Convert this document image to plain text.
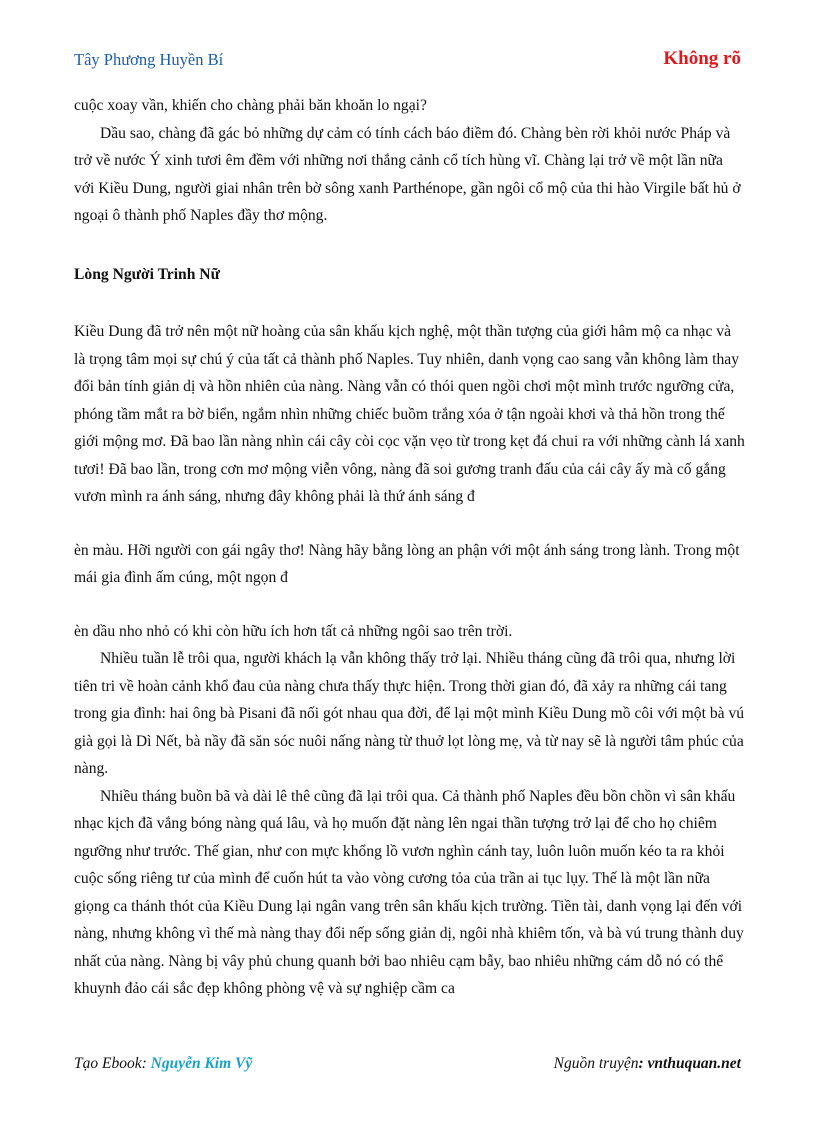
Tây Phương Huyền Bí	Không rõ

cuộc xoay vần, khiến cho chàng phải băn khoăn lo ngại?

Dầu sao, chàng đã gác bỏ những dự cảm có tính cách báo điềm đó. Chàng bèn rời khỏi nước Pháp và trở về nước Ý xinh tươi êm đềm với những nơi thắng cảnh cổ tích hùng vĩ. Chàng lại trở về một lần nữa với Kiều Dung, người giai nhân trên bờ sông xanh Parthénope, gần ngôi cổ mộ của thi hào Virgile bất hủ ở ngoại ô thành phố Naples đầy thơ mộng.

Lòng Người Trinh Nữ

Kiều Dung đã trở nên một nữ hoàng của sân khấu kịch nghệ, một thần tượng của giới hâm mộ ca nhạc và là trọng tâm mọi sự chú ý của tất cả thành phố Naples. Tuy nhiên, danh vọng cao sang vẫn không làm thay đổi bản tính giản dị và hồn nhiên của nàng. Nàng vẫn có thói quen ngồi chơi một mình trước ngưỡng cửa, phóng tầm mắt ra bờ biển, ngắm nhìn những chiếc buồm trắng xóa ở tận ngoài khơi và thả hồn trong thế giới mộng mơ. Đã bao lần nàng nhìn cái cây còi cọc vặn vẹo từ trong kẹt đá chui ra với những cành lá xanh tươi! Đã bao lần, trong cơn mơ mộng viễn vông, nàng đã soi gương tranh đấu của cái cây ấy mà cố gắng vươn mình ra ánh sáng, nhưng đây không phải là thứ ánh sáng đ

èn màu. Hỡi người con gái ngây thơ! Nàng hãy bằng lòng an phận với một ánh sáng trong lành. Trong một mái gia đình ấm cúng, một ngọn đ

èn dầu nho nhỏ có khi còn hữu ích hơn tất cả những ngôi sao trên trời.

Nhiều tuần lễ trôi qua, người khách lạ vẫn không thấy trở lại. Nhiều tháng cũng đã trôi qua, nhưng lời tiên tri về hoàn cảnh khổ đau của nàng chưa thấy thực hiện. Trong thời gian đó, đã xảy ra những cái tang trong gia đình: hai ông bà Pisani đã nối gót nhau qua đời, để lại một mình Kiều Dung mồ côi với một bà vú già gọi là Dì Nết, bà nầy đã săn sóc nuôi nấng nàng từ thuở lọt lòng mẹ, và từ nay sẽ là người tâm phúc của nàng.

Nhiều tháng buồn bã và dài lê thê cũng đã lại trôi qua. Cả thành phố Naples đều bồn chồn vì sân khấu nhạc kịch đã vắng bóng nàng quá lâu, và họ muốn đặt nàng lên ngai thần tượng trở lại để cho họ chiêm ngưỡng như trước. Thế gian, như con mực khổng lồ vươn nghìn cánh tay, luôn luôn muốn kéo ta ra khỏi cuộc sống riêng tư của mình để cuốn hút ta vào vòng cương tỏa của trần ai tục lụy. Thế là một lần nữa giọng ca thánh thót của Kiều Dung lại ngân vang trên sân khấu kịch trường. Tiền tài, danh vọng lại đến với nàng, nhưng không vì thế mà nàng thay đổi nếp sống giản dị, ngôi nhà khiêm tốn, và bà vú trung thành duy nhất của nàng. Nàng bị vây phủ chung quanh bởi bao nhiêu cạm bẫy, bao nhiêu những cám dỗ nó có thể khuynh đảo cái sắc đẹp không phòng vệ và sự nghiệp cầm ca

Tạo Ebook: Nguyễn Kim Vỹ	Nguồn truyện: vnthuquan.net
